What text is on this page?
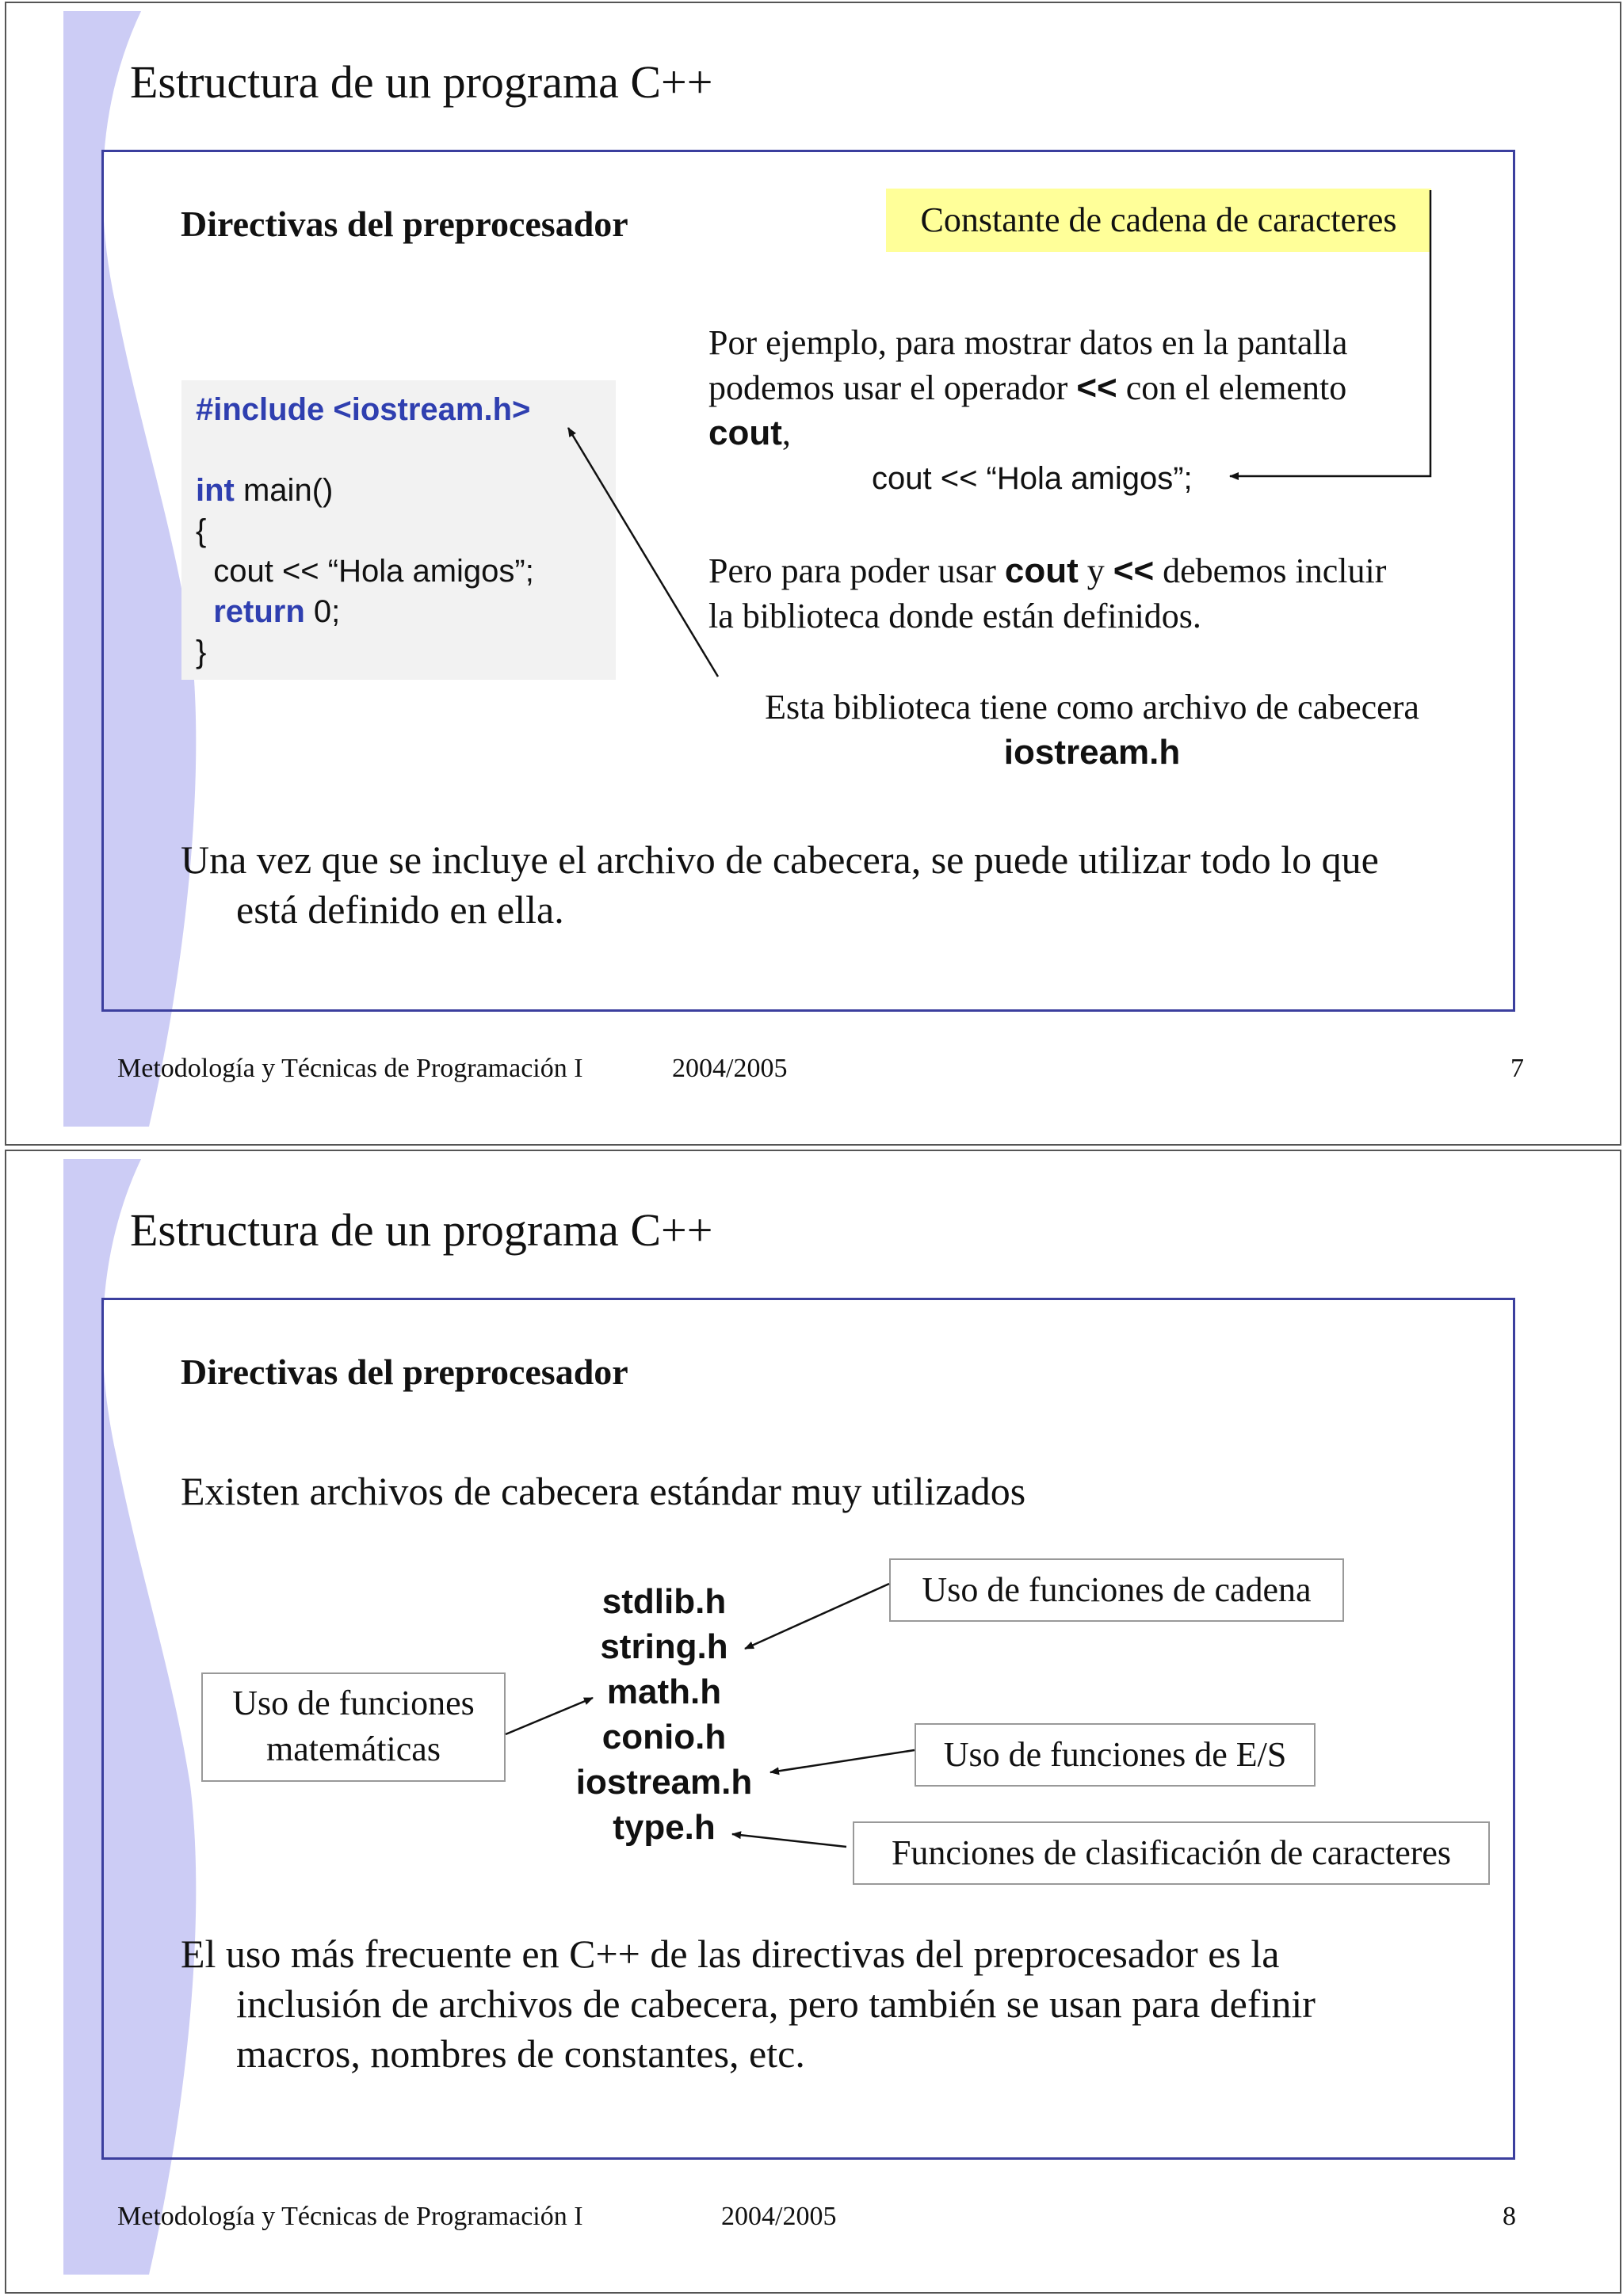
Estructura de un programa C++
Directivas del preprocesador	Constante de cadena de caracteres
#include <iostream.h>
int main()
{
cout << “Hola amigos”;
return 0;
}
Por ejemplo, para mostrar datos en la pantalla
podemos usar el operador << con el elemento
cout,
cout << “Hola amigos”;
Pero para poder usar cout y << debemos incluir
la biblioteca donde están definidos.
Esta biblioteca tiene como archivo de cabecera
iostream.h
Una vez que se incluye el archivo de cabecera, se puede utilizar todo lo que
está definido en ella.
Metodología y Técnicas de Programación I	2004/2005	7
Estructura de un programa C++
Directivas del preprocesador
Existen archivos de cabecera estándar muy utilizados
stdlib.h
string.h
math.h
conio.h
iostream.h
type.h
Uso de funciones
matemáticas
Uso de funciones de cadena
Uso de funciones de E/S
Funciones de clasificación de caracteres
El uso más frecuente en C++ de las directivas del preprocesador es la
inclusión de archivos de cabecera, pero también se usan para definir
macros, nombres de constantes, etc.
Metodología y Técnicas de Programación I	2004/2005	8
